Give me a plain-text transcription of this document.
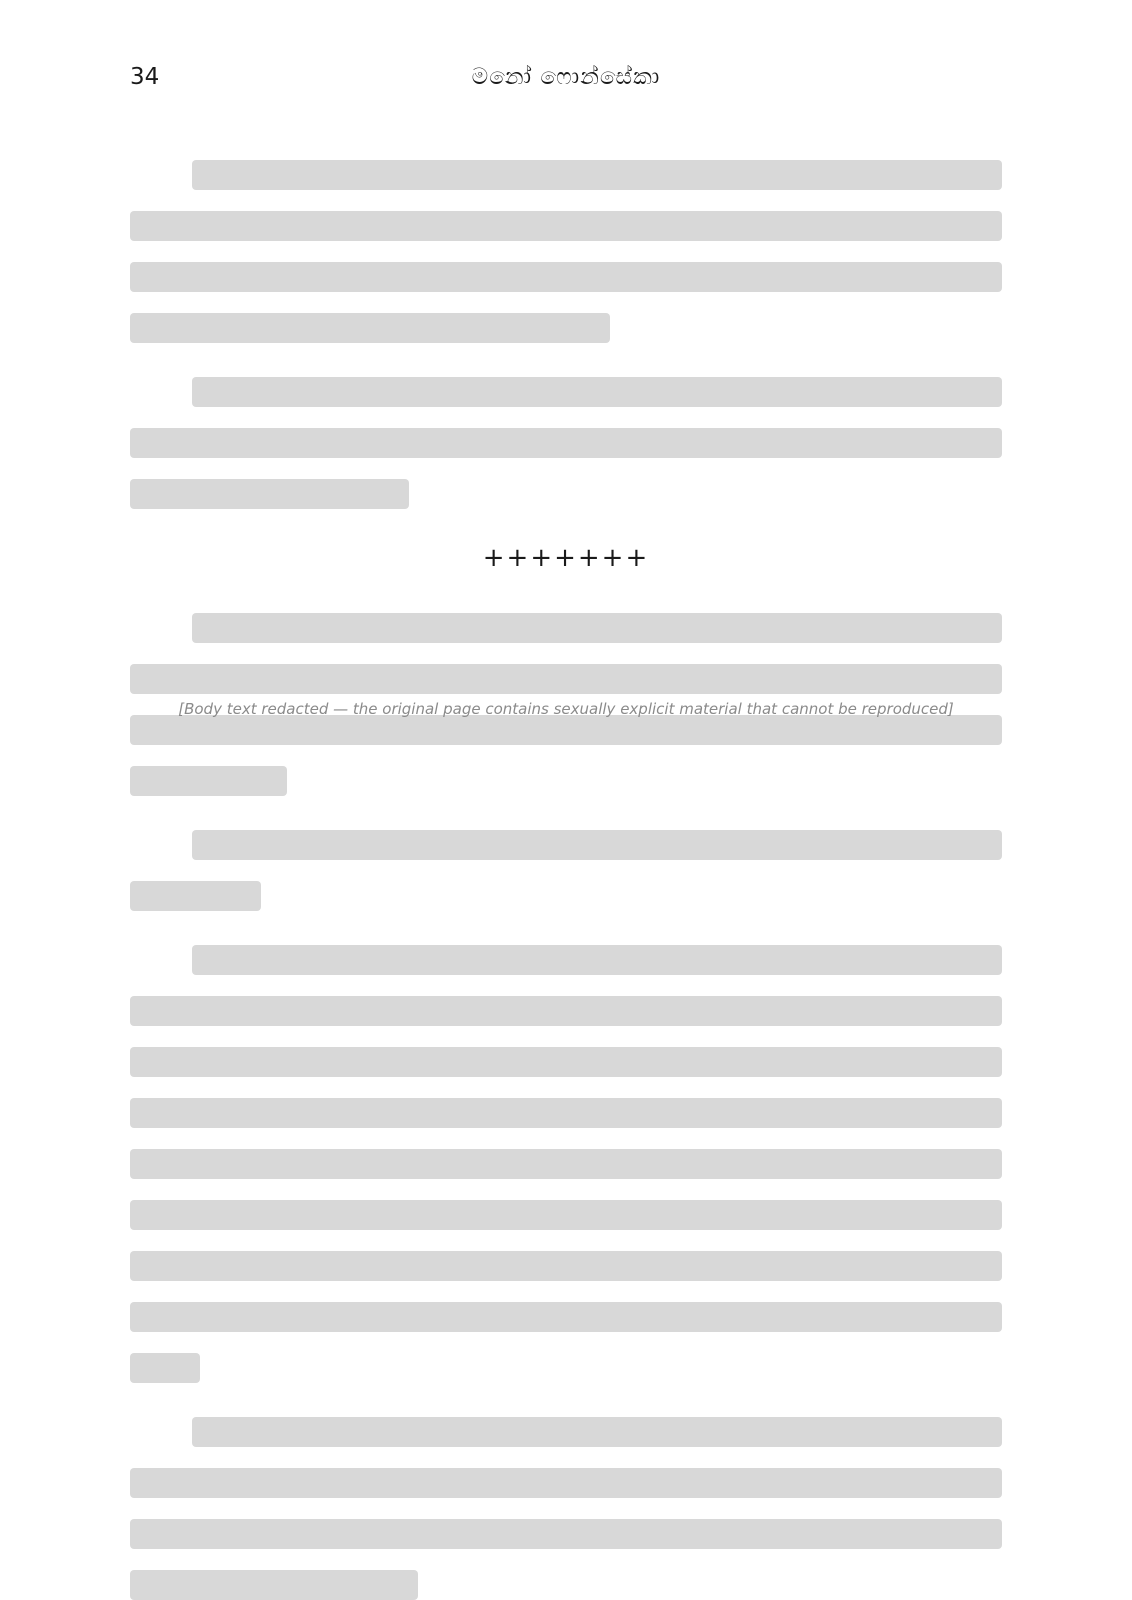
34	මනෝ ෆොන්සේකා
+++++++
[Body text redacted — the original page contains sexually explicit material that cannot be reproduced]
